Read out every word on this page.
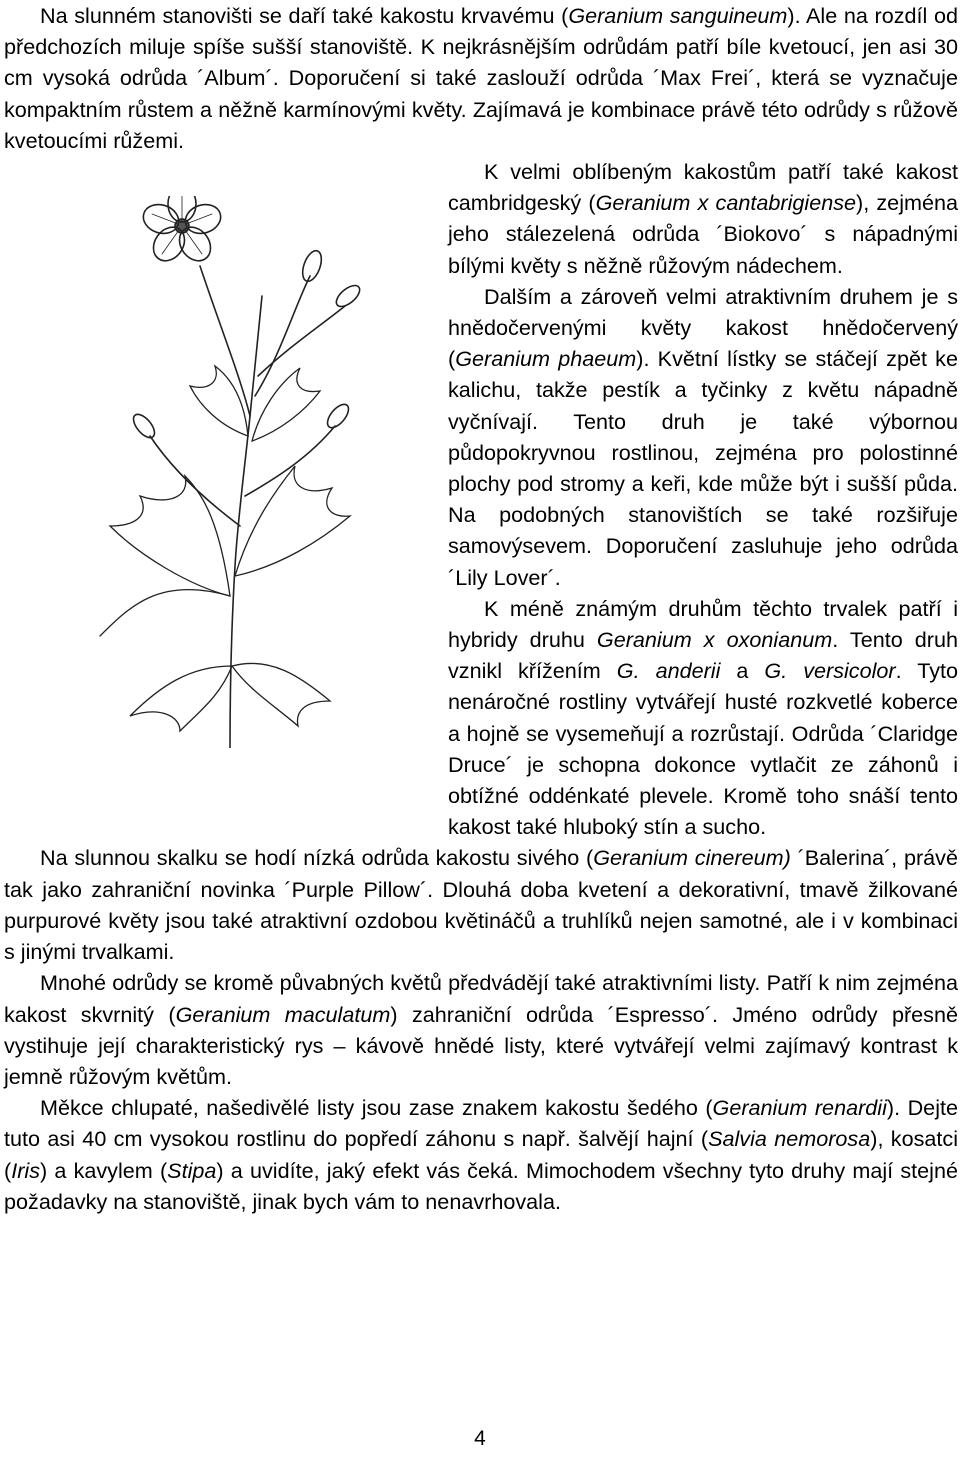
Na slunném stanovišti se daří také kakostu krvavému (Geranium sanguineum). Ale na rozdíl od předchozích miluje spíše sušší stanoviště. K nejkrásnějším odrůdám patří bíle kvetoucí, jen asi 30 cm vysoká odrůda ´Album´. Doporučení si také zaslouží odrůda ´Max Frei´, která se vyznačuje kompaktním růstem a něžně karmínovými květy. Zajímavá je kombinace právě této odrůdy s růžově kvetoucími růžemi.

K velmi oblíbeným kakostům patří také kakost cambridgeský (Geranium x cantabrigiense), zejména jeho stálezelená odrůda ´Biokovo´ s nápadnými bílými květy s něžně růžovým nádechem.

Dalším a zároveň velmi atraktivním druhem je s hnědočervenými květy kakost hnědočervený (Geranium phaeum). Květní lístky se stáčejí zpět ke kalichu, takže pestík a tyčinky z květu nápadně vyčnívají. Tento druh je také výbornou půdopokryvnou rostlinou, zejména pro polostinné plochy pod stromy a keři, kde může být i sušší půda. Na podobných stanovištích se také rozšiřuje samovýsevem. Doporučení zasluhuje jeho odrůda ´Lily Lover´.

K méně známým druhům těchto trvalek patří i hybridy druhu Geranium x oxonianum. Tento druh vznikl křížením G. anderii a G. versicolor. Tyto nenáročné rostliny vytvářejí husté rozkvetlé koberce a hojně se vysemeňují a rozrůstají. Odrůda ´Claridge Druce´ je schopna dokonce vytlačit ze záhonů i obtížné oddénkaté plevele. Kromě toho snáší tento kakost také hluboký stín a sucho.

Na slunnou skalku se hodí nízká odrůda kakostu sivého (Geranium cinereum) ´Balerina´, právě tak jako zahraniční novinka ´Purple Pillow´. Dlouhá doba kvetení a dekorativní, tmavě žilkované purpurové květy jsou také atraktivní ozdobou květináčů a truhlíků nejen samotné, ale i v kombinaci s jinými trvalkami.

Mnohé odrůdy se kromě půvabných květů předvádějí také atraktivními listy. Patří k nim zejména kakost skvrnitý (Geranium maculatum) zahraniční odrůda ´Espresso´. Jméno odrůdy přesně vystihuje její charakteristický rys – kávově hnědé listy, které vytvářejí velmi zajímavý kontrast k jemně růžovým květům.

Měkce chlupaté, našedivělé listy jsou zase znakem kakostu šedého (Geranium renardii). Dejte tuto asi 40 cm vysokou rostlinu do popředí záhonu s např. šalvějí hajní (Salvia nemorosa), kosatci (Iris) a kavylem (Stipa) a uvidíte, jaký efekt vás čeká. Mimochodem všechny tyto druhy mají stejné požadavky na stanoviště, jinak bych vám to nenavrhovala.

4
